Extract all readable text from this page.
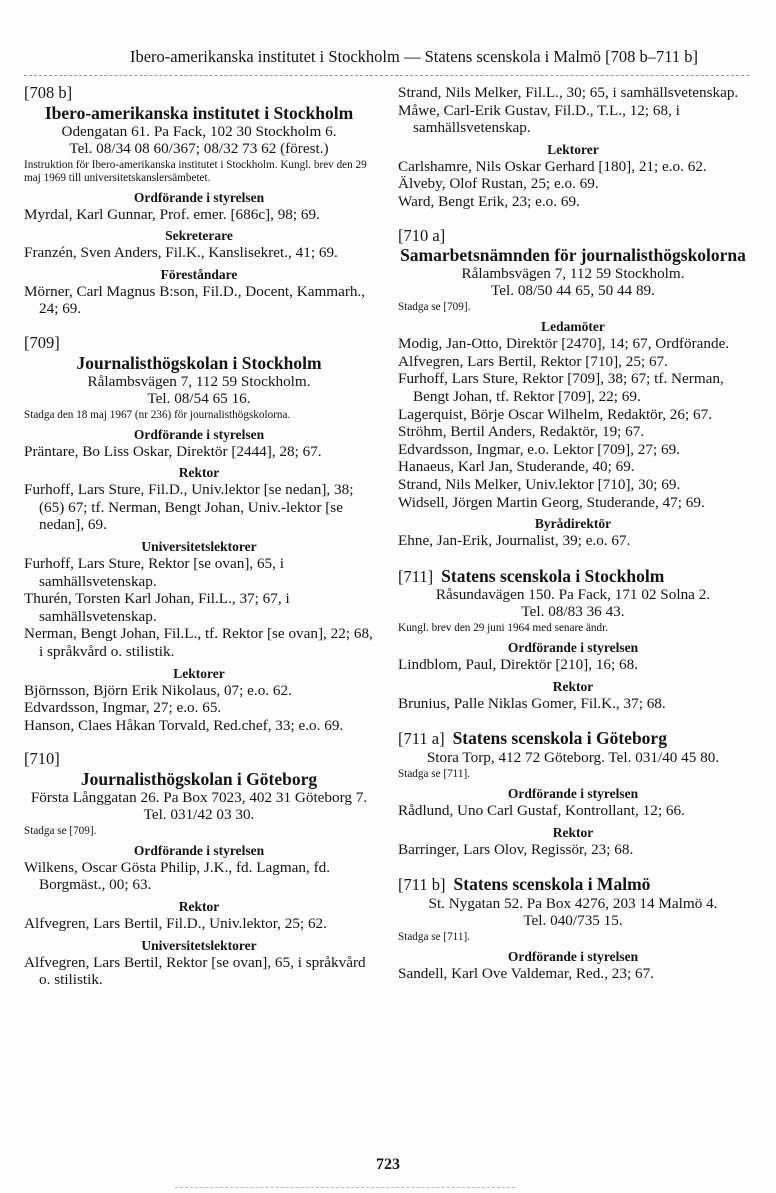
Ibero-amerikanska institutet i Stockholm — Statens scenskola i Malmö [708 b–711 b]
[708 b]
Ibero-amerikanska institutet i Stockholm
Odengatan 61. Pa Fack, 102 30 Stockholm 6.
Tel. 08/34 08 60/367; 08/32 73 62 (förest.)
Instruktion för Ibero-amerikanska institutet i Stockholm. Kungl. brev den 29 maj 1969 till universitetskanslersämbetet.
Ordförande i styrelsen
Myrdal, Karl Gunnar, Prof. emer. [686c], 98; 69.
Sekreterare
Franzén, Sven Anders, Fil.K., Kanslisekret., 41; 69.
Föreståndare
Mörner, Carl Magnus B:son, Fil.D., Docent, Kammarh., 24; 69.
[709]
Journalisthögskolan i Stockholm
Rålambsvägen 7, 112 59 Stockholm.
Tel. 08/54 65 16.
Stadga den 18 maj 1967 (nr 236) för journalisthögskolorna.
Ordförande i styrelsen
Präntare, Bo Liss Oskar, Direktör [2444], 28; 67.
Rektor
Furhoff, Lars Sture, Fil.D., Univ.lektor [se nedan], 38; (65) 67; tf. Nerman, Bengt Johan, Univ.-lektor [se nedan], 69.
Universitetslektorer
Furhoff, Lars Sture, Rektor [se ovan], 65, i samhällsvetenskap.
Thurén, Torsten Karl Johan, Fil.L., 37; 67, i samhällsvetenskap.
Nerman, Bengt Johan, Fil.L., tf. Rektor [se ovan], 22; 68, i språkvård o. stilistik.
Lektorer
Björnsson, Björn Erik Nikolaus, 07; e.o. 62.
Edvardsson, Ingmar, 27; e.o. 65.
Hanson, Claes Håkan Torvald, Red.chef, 33; e.o. 69.
[710]
Journalisthögskolan i Göteborg
Första Långgatan 26. Pa Box 7023, 402 31 Göteborg 7. Tel. 031/42 03 30.
Stadga se [709].
Ordförande i styrelsen
Wilkens, Oscar Gösta Philip, J.K., fd. Lagman, fd. Borgmäst., 00; 63.
Rektor
Alfvegren, Lars Bertil, Fil.D., Univ.lektor, 25; 62.
Universitetslektorer
Alfvegren, Lars Bertil, Rektor [se ovan], 65, i språkvård o. stilistik.
Strand, Nils Melker, Fil.L., 30; 65, i samhällsvetenskap.
Måwe, Carl-Erik Gustav, Fil.D., T.L., 12; 68, i samhällsvetenskap.
Lektorer
Carlshamre, Nils Oskar Gerhard [180], 21; e.o. 62.
Älveby, Olof Rustan, 25; e.o. 69.
Ward, Bengt Erik, 23; e.o. 69.
[710 a]
Samarbetsnämnden för journalisthögskolorna
Rålambsvägen 7, 112 59 Stockholm.
Tel. 08/50 44 65, 50 44 89.
Stadga se [709].
Ledamöter
Modig, Jan-Otto, Direktör [2470], 14; 67, Ordförande.
Alfvegren, Lars Bertil, Rektor [710], 25; 67.
Furhoff, Lars Sture, Rektor [709], 38; 67; tf. Nerman, Bengt Johan, tf. Rektor [709], 22; 69.
Lagerquist, Börje Oscar Wilhelm, Redaktör, 26; 67.
Ströhm, Bertil Anders, Redaktör, 19; 67.
Edvardsson, Ingmar, e.o. Lektor [709], 27; 69.
Hanaeus, Karl Jan, Studerande, 40; 69.
Strand, Nils Melker, Univ.lektor [710], 30; 69.
Widsell, Jörgen Martin Georg, Studerande, 47; 69.
Byrådirektör
Ehne, Jan-Erik, Journalist, 39; e.o. 67.
[711] Statens scenskola i Stockholm
Råsundavägen 150. Pa Fack, 171 02 Solna 2.
Tel. 08/83 36 43.
Kungl. brev den 29 juni 1964 med senare ändr.
Ordförande i styrelsen
Lindblom, Paul, Direktör [210], 16; 68.
Rektor
Brunius, Palle Niklas Gomer, Fil.K., 37; 68.
[711 a] Statens scenskola i Göteborg
Stora Torp, 412 72 Göteborg. Tel. 031/40 45 80.
Stadga se [711].
Ordförande i styrelsen
Rådlund, Uno Carl Gustaf, Kontrollant, 12; 66.
Rektor
Barringer, Lars Olov, Regissör, 23; 68.
[711 b] Statens scenskola i Malmö
St. Nygatan 52. Pa Box 4276, 203 14 Malmö 4.
Tel. 040/735 15.
Stadga se [711].
Ordförande i styrelsen
Sandell, Karl Ove Valdemar, Red., 23; 67.
723
